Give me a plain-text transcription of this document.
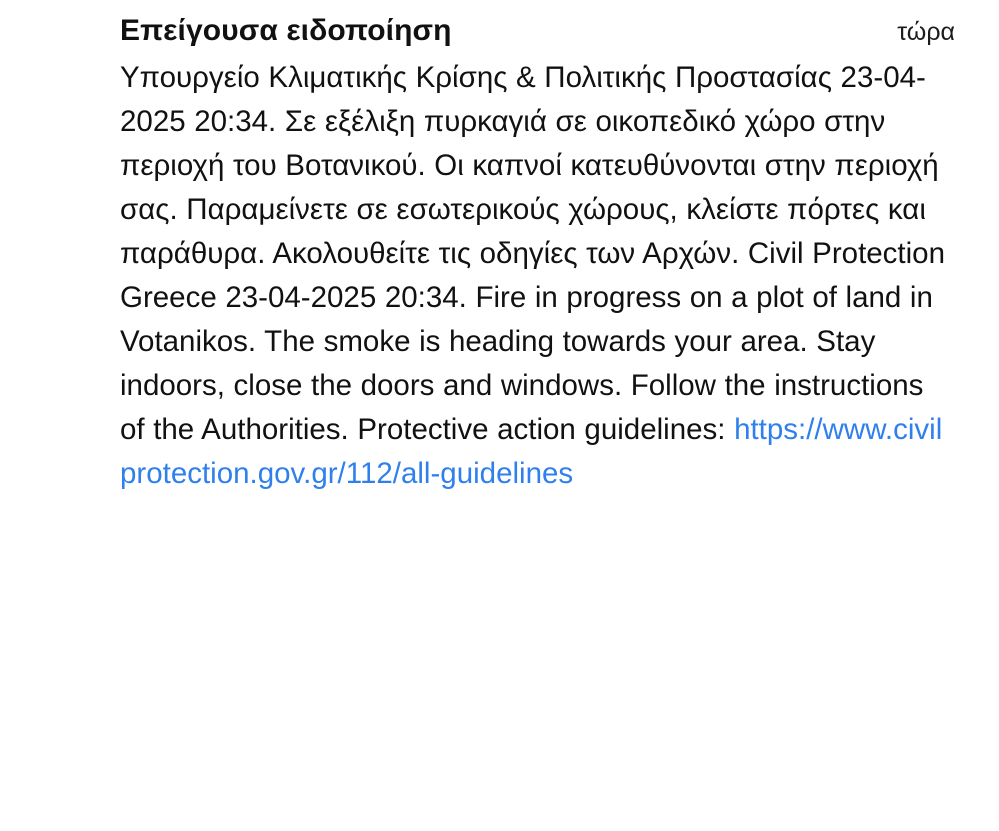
Επείγουσα ειδοποίηση	τώρα
Υπουργείο Κλιματικής Κρίσης & Πολιτικής Προστασίας 23-04-2025 20:34. Σε εξέλιξη πυρκαγιά σε οικοπεδικό χώρο στην περιοχή του Βοτανικού. Οι καπνοί κατευθύνονται στην περιοχή σας. Παραμείνετε σε εσωτερικούς χώρους, κλείστε πόρτες και παράθυρα. Ακολουθείτε τις οδηγίες των Αρχών. Civil Protection Greece 23-04-2025 20:34. Fire in progress on a plot of land in Votanikos. The smoke is heading towards your area. Stay indoors, close the doors and windows. Follow the instructions of the Authorities. Protective action guidelines: https://www.civilprotection.gov.gr/112/all-guidelines
